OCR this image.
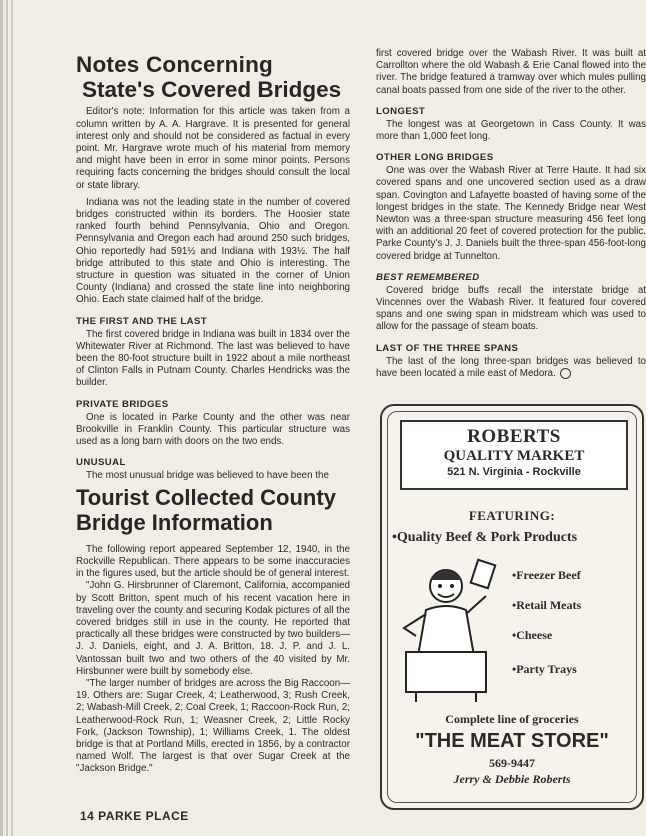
Notes Concerning
State's Covered Bridges

Editor's note: Information for this article was taken from a column written by A. A. Hargrave. It is presented for general interest only and should not be considered as factual in every point. Mr. Hargrave wrote much of his material from memory and might have been in error in some minor points. Persons requiring facts concerning the bridges should consult the local or state library.

Indiana was not the leading state in the number of covered bridges constructed within its borders. The Hoosier state ranked fourth behind Pennsylvania, Ohio and Oregon. Pennsylvania and Oregon each had around 250 such bridges, Ohio reportedly had 591½ and Indiana with 193½. The half bridge attributed to this state and Ohio is interesting. The structure in question was situated in the corner of Union County (Indiana) and crossed the state line into neighboring Ohio. Each state claimed half of the bridge.

THE FIRST AND THE LAST

The first covered bridge in Indiana was built in 1834 over the Whitewater River at Richmond. The last was believed to have been the 80-foot structure built in 1922 about a mile northeast of Clinton Falls in Putnam County. Charles Hendricks was the builder.

PRIVATE BRIDGES

One is located in Parke County and the other was near Brookville in Franklin County. This particular structure was used as a long barn with doors on the two ends.

UNUSUAL

The most unusual bridge was believed to have been the

Tourist Collected County
Bridge Information

The following report appeared September 12, 1940, in the Rockville Republican. There appears to be some inaccuracies in the figures used, but the article should be of general interest.

"John G. Hirsbrunner of Claremont, California, accompanied by Scott Britton, spent much of his recent vacation here in traveling over the county and securing Kodak pictures of all the covered bridges still in use in the county. He reported that practically all these bridges were constructed by two builders—J. J. Daniels, eight, and J. A. Britton, 18. J. P. and J. L. Vantossan built two and two others of the 40 visited by Mr. Hirsbunner were built by somebody else.

"The larger number of bridges are across the Big Raccoon—19. Others are: Sugar Creek, 4; Leatherwood, 3; Rush Creek, 2; Wabash-Mill Creek, 2; Coal Creek, 1; Raccoon-Rock Run, 2; Leatherwood-Rock Run, 1; Weasner Creek, 2; Little Rocky Fork, (Jackson Township), 1; Williams Creek, 1. The oldest bridge is that at Portland Mills, erected in 1856, by a contractor named Wolf. The largest is that over Sugar Creek at the "Jackson Bridge."

first covered bridge over the Wabash River. It was built at Carrollton where the old Wabash & Erie Canal flowed into the river. The bridge featured a tramway over which mules pulling canal boats passed from one side of the river to the other.

LONGEST

The longest was at Georgetown in Cass County. It was more than 1,000 feet long.

OTHER LONG BRIDGES

One was over the Wabash River at Terre Haute. It had six covered spans and one uncovered section used as a draw span. Covington and Lafayette boasted of having some of the longest bridges in the state. The Kennedy Bridge near West Newton was a three-span structure measuring 456 feet long with an additional 20 feet of covered protection for the public. Parke County's J. J. Daniels built the three-span 456-foot-long covered bridge at Tunnelton.

BEST REMEMBERED

Covered bridge buffs recall the interstate bridge at Vincennes over the Wabash River. It featured four covered spans and one swing span in midstream which was used to allow for the passage of steam boats.

LAST OF THE THREE SPANS

The last of the long three-span bridges was believed to have been located a mile east of Medora.

ROBERTS
QUALITY MARKET
521 N. Virginia - Rockville
FEATURING:
•Quality Beef & Pork Products
•Freezer Beef
•Retail Meats
•Cheese
•Party Trays
Complete line of groceries
"THE MEAT STORE"
569-9447
Jerry & Debbie Roberts
14 PARKE PLACE
